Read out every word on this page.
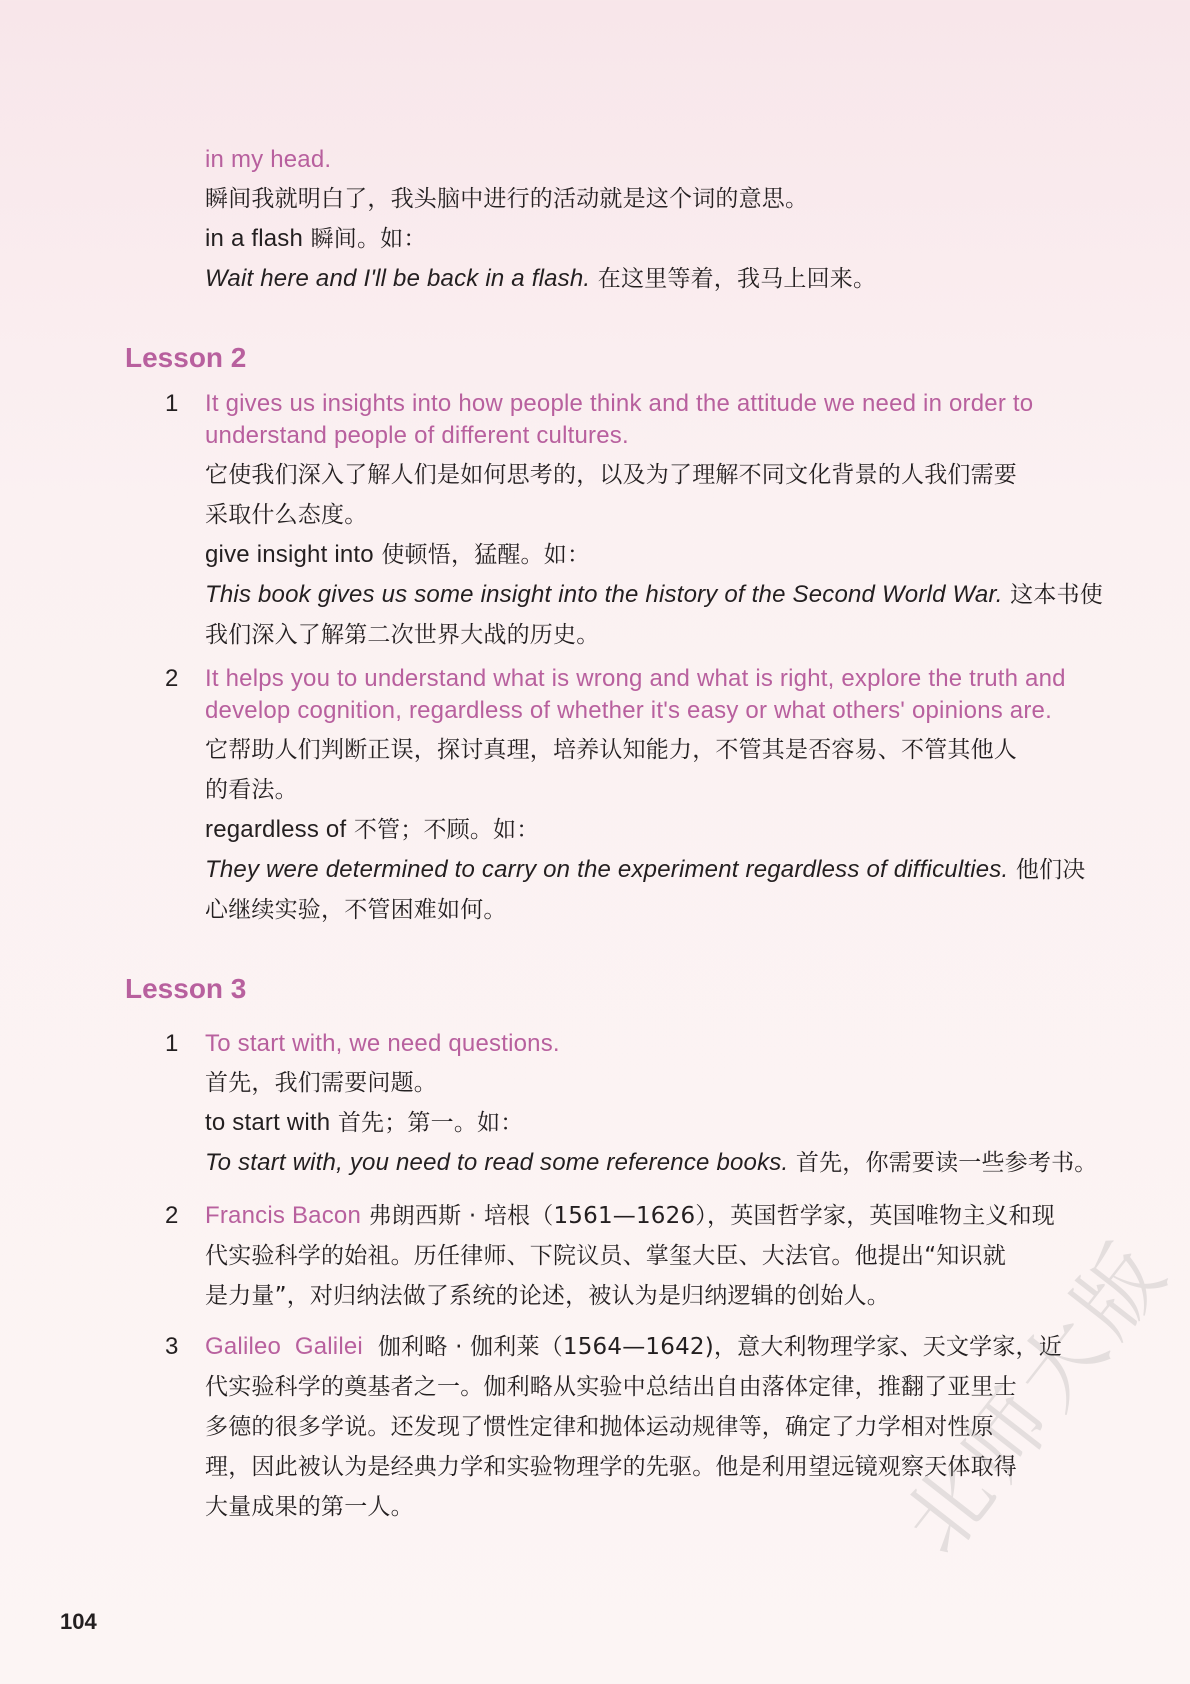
in my head.
瞬间我就明白了，我头脑中进行的活动就是这个词的意思。
in a flash 瞬间。如：
Wait here and I'll be back in a flash. 在这里等着，我马上回来。
Lesson 2
1 It gives us insights into how people think and the attitude we need in order to
understand people of different cultures.
它使我们深入了解人们是如何思考的，以及为了理解不同文化背景的人我们需要
采取什么态度。
give insight into 使顿悟，猛醒。如：
This book gives us some insight into the history of the Second World War. 这本书使
我们深入了解第二次世界大战的历史。
2 It helps you to understand what is wrong and what is right, explore the truth and
develop cognition, regardless of whether it's easy or what others' opinions are.
它帮助人们判断正误，探讨真理，培养认知能力，不管其是否容易、不管其他人
的看法。
regardless of 不管；不顾。如：
They were determined to carry on the experiment regardless of difficulties. 他们决
心继续实验，不管困难如何。
Lesson 3
1 To start with, we need questions.
首先，我们需要问题。
to start with 首先；第一。如：
To start with, you need to read some reference books. 首先，你需要读一些参考书。
2 Francis Bacon 弗朗西斯 · 培根（1561—1626），英国哲学家，英国唯物主义和现
代实验科学的始祖。历任律师、下院议员、掌玺大臣、大法官。他提出“知识就
是力量”，对归纳法做了系统的论述，被认为是归纳逻辑的创始人。
3 Galileo  Galilei  伽利略 · 伽利莱（1564—1642)，意大利物理学家、天文学家，近
代实验科学的奠基者之一。伽利略从实验中总结出自由落体定律，推翻了亚里士
多德的很多学说。还发现了惯性定律和抛体运动规律等，确定了力学相对性原
理，因此被认为是经典力学和实验物理学的先驱。他是利用望远镜观察天体取得
大量成果的第一人。
104
北师大版
